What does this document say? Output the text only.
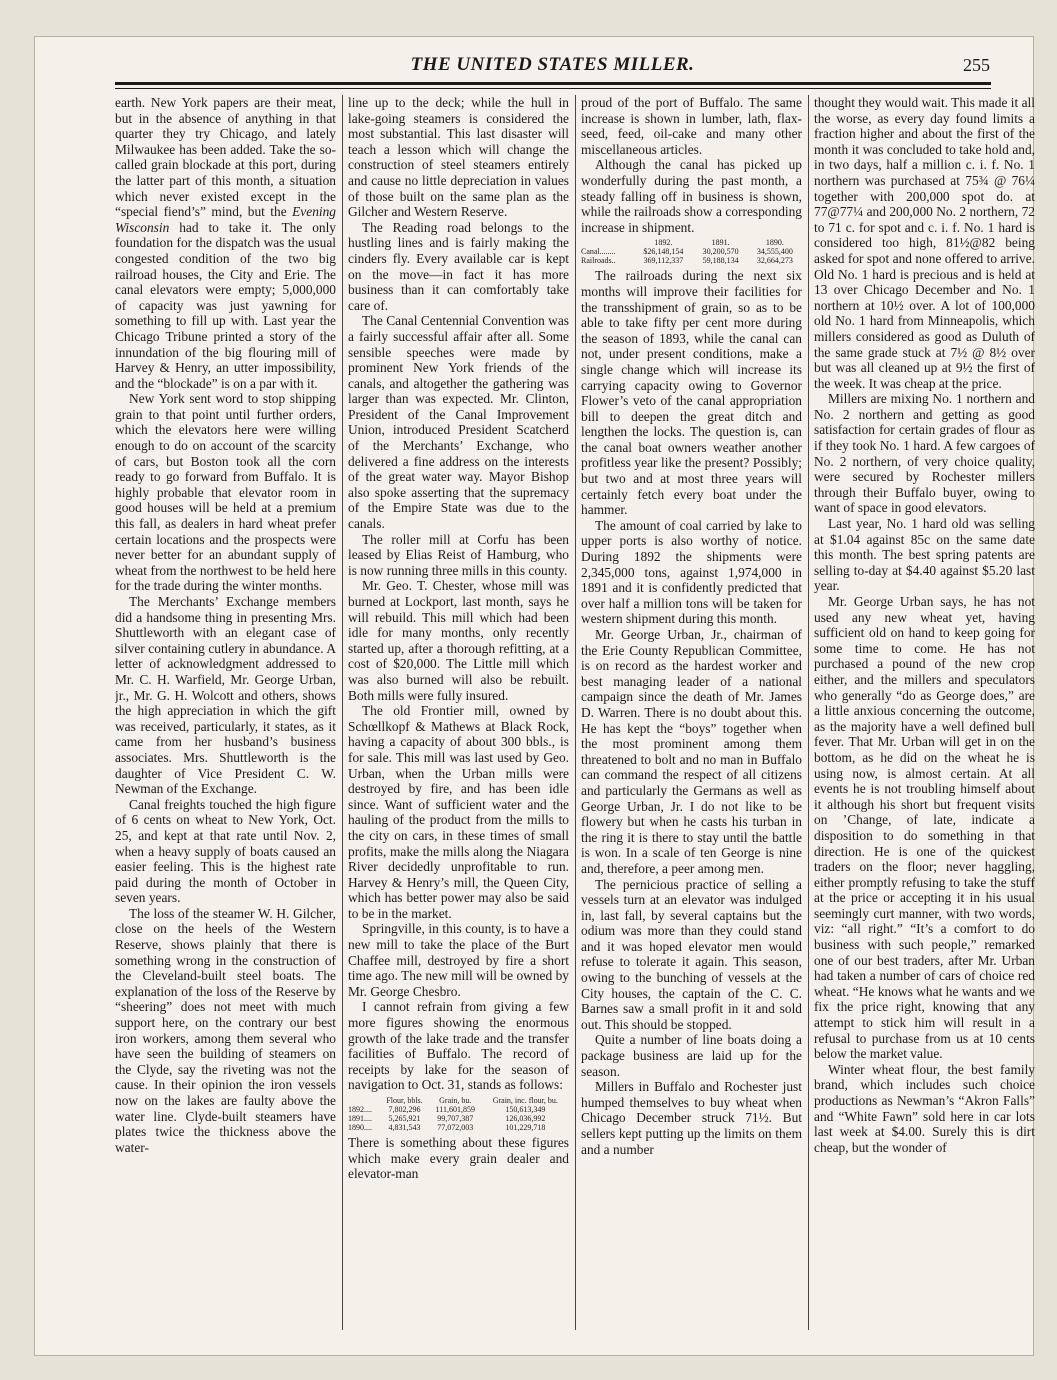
THE UNITED STATES MILLER.	255

earth. New York papers are their meat, but in the absence of anything in that quarter they try Chicago, and lately Milwaukee has been added. Take the so-called grain blockade at this port, during the latter part of this month, a situation which never existed except in the “special fiend’s” mind, but the Evening Wisconsin had to take it. The only foundation for the dispatch was the usual congested condition of the two big railroad houses, the City and Erie. The canal elevators were empty; 5,000,000 of capacity was just yawning for something to fill up with. Last year the Chicago Tribune printed a story of the innundation of the big flouring mill of Harvey & Henry, an utter impossibility, and the “blockade” is on a par with it.

New York sent word to stop shipping grain to that point until further orders, which the elevators here were willing enough to do on account of the scarcity of cars, but Boston took all the corn ready to go forward from Buffalo. It is highly probable that elevator room in good houses will be held at a premium this fall, as dealers in hard wheat prefer certain locations and the prospects were never better for an abundant supply of wheat from the northwest to be held here for the trade during the winter months.

The Merchants’ Exchange members did a handsome thing in presenting Mrs. Shuttleworth with an elegant case of silver containing cutlery in abundance. A letter of acknowledgment addressed to Mr. C. H. Warfield, Mr. George Urban, jr., Mr. G. H. Wolcott and others, shows the high appreciation in which the gift was received, particularly, it states, as it came from her husband’s business associates. Mrs. Shuttleworth is the daughter of Vice President C. W. Newman of the Exchange.

Canal freights touched the high figure of 6 cents on wheat to New York, Oct. 25, and kept at that rate until Nov. 2, when a heavy supply of boats caused an easier feeling. This is the highest rate paid during the month of October in seven years.

The loss of the steamer W. H. Gilcher, close on the heels of the Western Reserve, shows plainly that there is something wrong in the construction of the Cleveland-built steel boats. The explanation of the loss of the Reserve by “sheering” does not meet with much support here, on the contrary our best iron workers, among them several who have seen the building of steamers on the Clyde, say the riveting was not the cause. In their opinion the iron vessels now on the lakes are faulty above the water line. Clyde-built steamers have plates twice the thickness above the water-

line up to the deck; while the hull in lake-going steamers is considered the most substantial. This last disaster will teach a lesson which will change the construction of steel steamers entirely and cause no little depreciation in values of those built on the same plan as the Gilcher and Western Reserve.

The Reading road belongs to the hustling lines and is fairly making the cinders fly. Every available car is kept on the move—in fact it has more business than it can comfortably take care of.

The Canal Centennial Convention was a fairly successful affair after all. Some sensible speeches were made by prominent New York friends of the canals, and altogether the gathering was larger than was expected. Mr. Clinton, President of the Canal Improvement Union, introduced President Scatcherd of the Merchants’ Exchange, who delivered a fine address on the interests of the great water way. Mayor Bishop also spoke asserting that the supremacy of the Empire State was due to the canals.

The roller mill at Corfu has been leased by Elias Reist of Hamburg, who is now running three mills in this county.

Mr. Geo. T. Chester, whose mill was burned at Lockport, last month, says he will rebuild. This mill which had been idle for many months, only recently started up, after a thorough refitting, at a cost of $20,000. The Little mill which was also burned will also be rebuilt. Both mills were fully insured.

The old Frontier mill, owned by Schœllkopf & Mathews at Black Rock, having a capacity of about 300 bbls., is for sale. This mill was last used by Geo. Urban, when the Urban mills were destroyed by fire, and has been idle since. Want of sufficient water and the hauling of the product from the mills to the city on cars, in these times of small profits, make the mills along the Niagara River decidedly unprofitable to run. Harvey & Henry’s mill, the Queen City, which has better power may also be said to be in the market.

Springville, in this county, is to have a new mill to take the place of the Burt Chaffee mill, destroyed by fire a short time ago. The new mill will be owned by Mr. George Chesbro.

I cannot refrain from giving a few more figures showing the enormous growth of the lake trade and the transfer facilities of Buffalo. The record of receipts by lake for the season of navigation to Oct. 31, stands as follows:

	Flour, bbls.	Grain, bu.	Grain, inc. flour, bu.
1892....	7,802,296	111,601,859	150,613,349
1891....	5,265,921	99,707,387	126,036,992
1890....	4,831,543	77,072,003	101,229,718

There is something about these figures which make every grain dealer and elevator-man

proud of the port of Buffalo. The same increase is shown in lumber, lath, flax-seed, feed, oil-cake and many other miscellaneous articles.

Although the canal has picked up wonderfully during the past month, a steady falling off in business is shown, while the railroads show a corresponding increase in shipment.

	1892.	1891.	1890.
Canal........	$26,148,154	30,200,570	34,555,400
Railroads..	369,112,337	59,188,134	32,664,273

The railroads during the next six months will improve their facilities for the transshipment of grain, so as to be able to take fifty per cent more during the season of 1893, while the canal can not, under present conditions, make a single change which will increase its carrying capacity owing to Governor Flower’s veto of the canal appropriation bill to deepen the great ditch and lengthen the locks. The question is, can the canal boat owners weather another profitless year like the present? Possibly; but two and at most three years will certainly fetch every boat under the hammer.

The amount of coal carried by lake to upper ports is also worthy of notice. During 1892 the shipments were 2,345,000 tons, against 1,974,000 in 1891 and it is confidently predicted that over half a million tons will be taken for western shipment during this month.

Mr. George Urban, Jr., chairman of the Erie County Republican Committee, is on record as the hardest worker and best managing leader of a national campaign since the death of Mr. James D. Warren. There is no doubt about this. He has kept the “boys” together when the most prominent among them threatened to bolt and no man in Buffalo can command the respect of all citizens and particularly the Germans as well as George Urban, Jr. I do not like to be flowery but when he casts his turban in the ring it is there to stay until the battle is won. In a scale of ten George is nine and, therefore, a peer among men.

The pernicious practice of selling a vessels turn at an elevator was indulged in, last fall, by several captains but the odium was more than they could stand and it was hoped elevator men would refuse to tolerate it again. This season, owing to the bunching of vessels at the City houses, the captain of the C. C. Barnes saw a small profit in it and sold out. This should be stopped.

Quite a number of line boats doing a package business are laid up for the season.

Millers in Buffalo and Rochester just humped themselves to buy wheat when Chicago December struck 71½. But sellers kept putting up the limits on them and a number

thought they would wait. This made it all the worse, as every day found limits a fraction higher and about the first of the month it was concluded to take hold and, in two days, half a million c. i. f. No. 1 northern was purchased at 75¾ @ 76¼ together with 200,000 spot do. at 77@77¼ and 200,000 No. 2 northern, 72 to 71 c. for spot and c. i. f. No. 1 hard is considered too high, 81½@82 being asked for spot and none offered to arrive. Old No. 1 hard is precious and is held at 13 over Chicago December and No. 1 northern at 10½ over. A lot of 100,000 old No. 1 hard from Minneapolis, which millers considered as good as Duluth of the same grade stuck at 7½ @ 8½ over but was all cleaned up at 9½ the first of the week. It was cheap at the price.

Millers are mixing No. 1 northern and No. 2 northern and getting as good satisfaction for certain grades of flour as if they took No. 1 hard. A few cargoes of No. 2 northern, of very choice quality, were secured by Rochester millers through their Buffalo buyer, owing to want of space in good elevators.

Last year, No. 1 hard old was selling at $1.04 against 85c on the same date this month. The best spring patents are selling to-day at $4.40 against $5.20 last year.

Mr. George Urban says, he has not used any new wheat yet, having sufficient old on hand to keep going for some time to come. He has not purchased a pound of the new crop either, and the millers and speculators who generally “do as George does,” are a little anxious concerning the outcome, as the majority have a well defined bull fever. That Mr. Urban will get in on the bottom, as he did on the wheat he is using now, is almost certain. At all events he is not troubling himself about it although his short but frequent visits on ’Change, of late, indicate a disposition to do something in that direction. He is one of the quickest traders on the floor; never haggling, either promptly refusing to take the stuff at the price or accepting it in his usual seemingly curt manner, with two words, viz: “all right.” “It’s a comfort to do business with such people,” remarked one of our best traders, after Mr. Urban had taken a number of cars of choice red wheat. “He knows what he wants and we fix the price right, knowing that any attempt to stick him will result in a refusal to purchase from us at 10 cents below the market value.

Winter wheat flour, the best family brand, which includes such choice productions as Newman’s “Akron Falls” and “White Fawn” sold here in car lots last week at $4.00. Surely this is dirt cheap, but the wonder of
